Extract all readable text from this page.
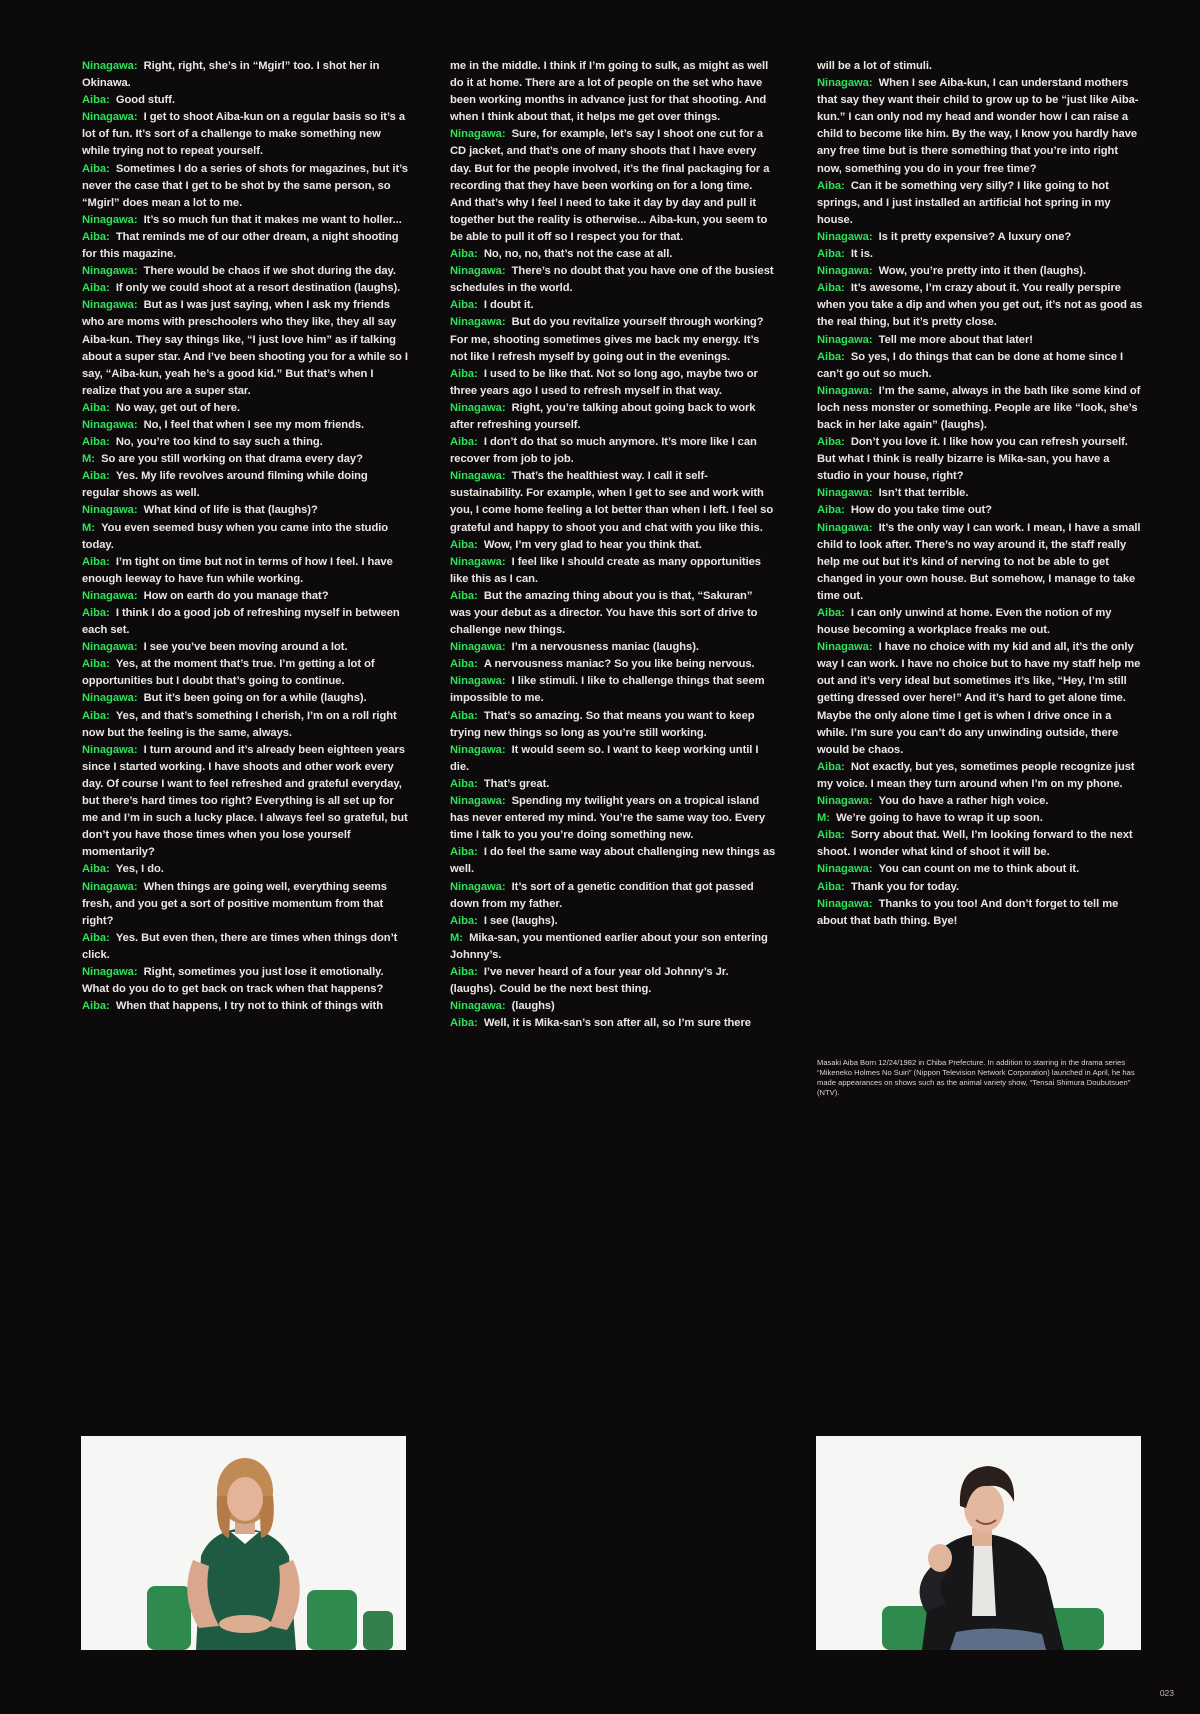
Ninagawa: Right, right, she’s in “Mgirl” too. I shot her in Okinawa.

Aiba: Good stuff.

Ninagawa: I get to shoot Aiba-kun on a regular basis so it’s a lot of fun. It’s sort of a challenge to make something new while trying not to repeat yourself.

Aiba: Sometimes I do a series of shots for magazines, but it’s never the case that I get to be shot by the same person, so “Mgirl” does mean a lot to me.

Ninagawa: It’s so much fun that it makes me want to holler...

Aiba: That reminds me of our other dream, a night shooting for this magazine.

Ninagawa: There would be chaos if we shot during the day.

Aiba: If only we could shoot at a resort destination (laughs).

Ninagawa: But as I was just saying, when I ask my friends who are moms with preschoolers who they like, they all say Aiba-kun. They say things like, “I just love him” as if talking about a super star. And I’ve been shooting you for a while so I say, “Aiba-kun, yeah he’s a good kid.” But that’s when I realize that you are a super star.

Aiba: No way, get out of here.

Ninagawa: No, I feel that when I see my mom friends.

Aiba: No, you’re too kind to say such a thing.

M: So are you still working on that drama every day?

Aiba: Yes. My life revolves around filming while doing regular shows as well.

Ninagawa: What kind of life is that (laughs)?

M: You even seemed busy when you came into the studio today.

Aiba: I’m tight on time but not in terms of how I feel. I have enough leeway to have fun while working.

Ninagawa: How on earth do you manage that?

Aiba: I think I do a good job of refreshing myself in between each set.

Ninagawa: I see you’ve been moving around a lot.

Aiba: Yes, at the moment that’s true. I’m getting a lot of opportunities but I doubt that’s going to continue.

Ninagawa: But it’s been going on for a while (laughs).

Aiba: Yes, and that’s something I cherish, I’m on a roll right now but the feeling is the same, always.

Ninagawa: I turn around and it’s already been eighteen years since I started working. I have shoots and other work every day. Of course I want to feel refreshed and grateful everyday, but there’s hard times too right? Everything is all set up for me and I’m in such a lucky place. I always feel so grateful, but don’t you have those times when you lose yourself momentarily?

Aiba: Yes, I do.

Ninagawa: When things are going well, everything seems fresh, and you get a sort of positive momentum from that right?

Aiba: Yes. But even then, there are times when things don’t click.

Ninagawa: Right, sometimes you just lose it emotionally. What do you do to get back on track when that happens?

Aiba: When that happens, I try not to think of things with

me in the middle. I think if I’m going to sulk, as might as well do it at home. There are a lot of people on the set who have been working months in advance just for that shooting. And when I think about that, it helps me get over things.

Ninagawa: Sure, for example, let’s say I shoot one cut for a CD jacket, and that’s one of many shoots that I have every day. But for the people involved, it’s the final packaging for a recording that they have been working on for a long time. And that’s why I feel I need to take it day by day and pull it together but the reality is otherwise... Aiba-kun, you seem to be able to pull it off so I respect you for that.

Aiba: No, no, no, that’s not the case at all.

Ninagawa: There’s no doubt that you have one of the busiest schedules in the world.

Aiba: I doubt it.

Ninagawa: But do you revitalize yourself through working? For me, shooting sometimes gives me back my energy. It’s not like I refresh myself by going out in the evenings.

Aiba: I used to be like that. Not so long ago, maybe two or three years ago I used to refresh myself in that way.

Ninagawa: Right, you’re talking about going back to work after refreshing yourself.

Aiba: I don’t do that so much anymore. It’s more like I can recover from job to job.

Ninagawa: That’s the healthiest way. I call it self-sustainability. For example, when I get to see and work with you, I come home feeling a lot better than when I left. I feel so grateful and happy to shoot you and chat with you like this.

Aiba: Wow, I’m very glad to hear you think that.

Ninagawa: I feel like I should create as many opportunities like this as I can.

Aiba: But the amazing thing about you is that, “Sakuran” was your debut as a director. You have this sort of drive to challenge new things.

Ninagawa: I’m a nervousness maniac (laughs).

Aiba: A nervousness maniac? So you like being nervous.

Ninagawa: I like stimuli. I like to challenge things that seem impossible to me.

Aiba: That’s so amazing. So that means you want to keep trying new things so long as you’re still working.

Ninagawa: It would seem so. I want to keep working until I die.

Aiba: That’s great.

Ninagawa: Spending my twilight years on a tropical island has never entered my mind. You’re the same way too. Every time I talk to you you’re doing something new.

Aiba: I do feel the same way about challenging new things as well.

Ninagawa: It’s sort of a genetic condition that got passed down from my father.

Aiba: I see (laughs).

M: Mika-san, you mentioned earlier about your son entering Johnny’s.

Aiba: I’ve never heard of a four year old Johnny’s Jr. (laughs). Could be the next best thing.

Ninagawa: (laughs)

Aiba: Well, it is Mika-san’s son after all, so I’m sure there

will be a lot of stimuli.

Ninagawa: When I see Aiba-kun, I can understand mothers that say they want their child to grow up to be “just like Aiba-kun.” I can only nod my head and wonder how I can raise a child to become like him. By the way, I know you hardly have any free time but is there something that you’re into right now, something you do in your free time?

Aiba: Can it be something very silly? I like going to hot springs, and I just installed an artificial hot spring in my house.

Ninagawa: Is it pretty expensive? A luxury one?

Aiba: It is.

Ninagawa: Wow, you’re pretty into it then (laughs).

Aiba: It’s awesome, I’m crazy about it. You really perspire when you take a dip and when you get out, it’s not as good as the real thing, but it’s pretty close.

Ninagawa: Tell me more about that later!

Aiba: So yes, I do things that can be done at home since I can’t go out so much.

Ninagawa: I’m the same, always in the bath like some kind of loch ness monster or something. People are like “look, she’s back in her lake again” (laughs).

Aiba: Don’t you love it. I like how you can refresh yourself. But what I think is really bizarre is Mika-san, you have a studio in your house, right?

Ninagawa: Isn’t that terrible.

Aiba: How do you take time out?

Ninagawa: It’s the only way I can work. I mean, I have a small child to look after. There’s no way around it, the staff really help me out but it’s kind of nerving to not be able to get changed in your own house. But somehow, I manage to take time out.

Aiba: I can only unwind at home. Even the notion of my house becoming a workplace freaks me out.

Ninagawa: I have no choice with my kid and all, it’s the only way I can work. I have no choice but to have my staff help me out and it’s very ideal but sometimes it’s like, “Hey, I’m still getting dressed over here!” And it’s hard to get alone time. Maybe the only alone time I get is when I drive once in a while. I’m sure you can’t do any unwinding outside, there would be chaos.

Aiba: Not exactly, but yes, sometimes people recognize just my voice. I mean they turn around when I’m on my phone.

Ninagawa: You do have a rather high voice.

M: We’re going to have to wrap it up soon.

Aiba: Sorry about that. Well, I’m looking forward to the next shoot. I wonder what kind of shoot it will be.

Ninagawa: You can count on me to think about it.

Aiba: Thank you for today.

Ninagawa: Thanks to you too! And don’t forget to tell me about that bath thing. Bye!

Masaki Aiba Born 12/24/1982 in Chiba Prefecture. In addition to starring in the drama series “Mikeneko Holmes No Suiri” (Nippon Television Network Corporation) launched in April, he has made appearances on shows such as the animal variety show, “Tensai Shimura Doubutsuen” (NTV).
023
